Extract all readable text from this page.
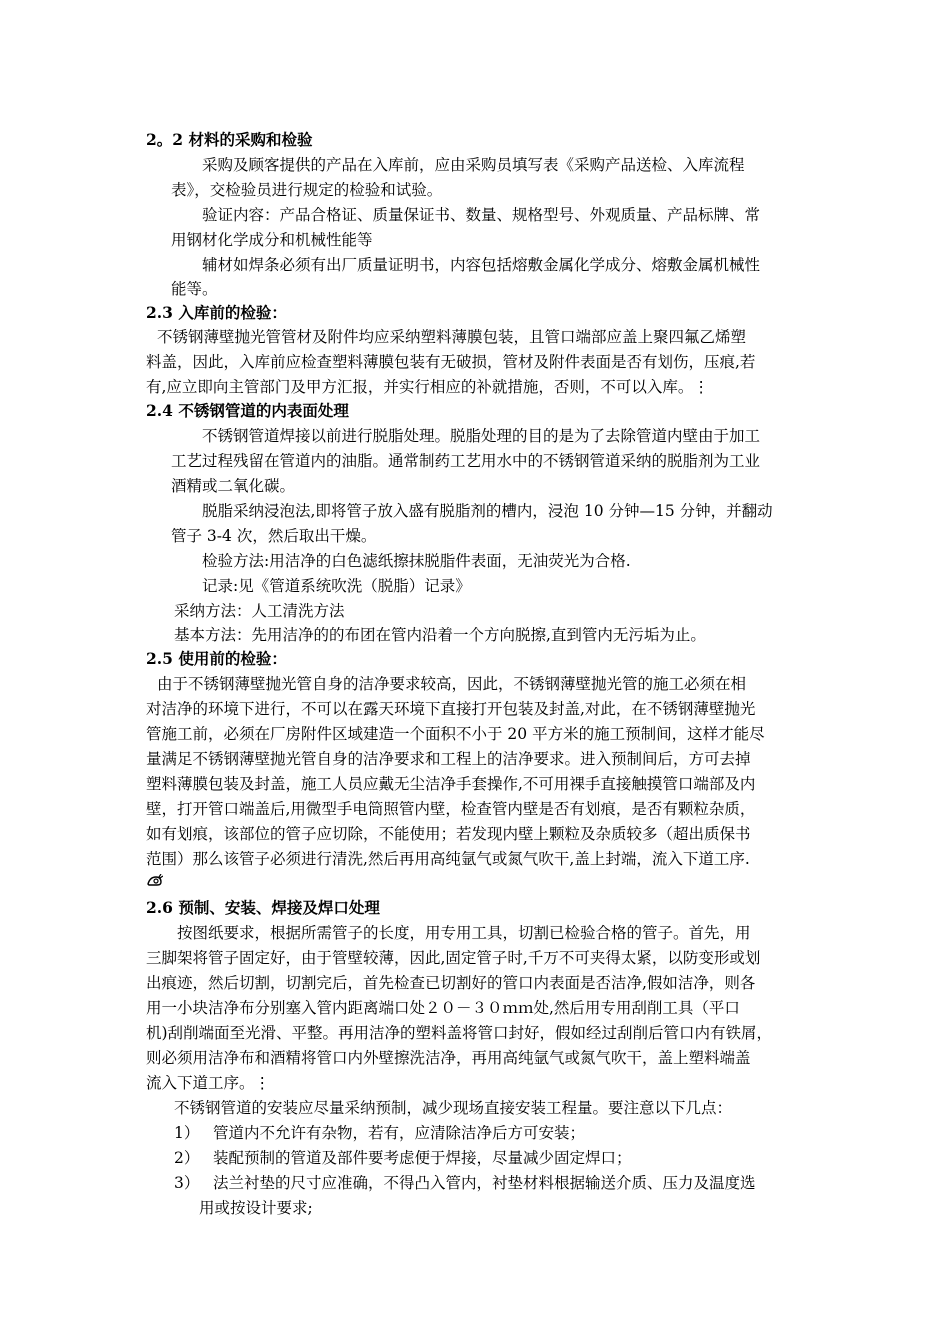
2。2 材料的采购和检验
采购及顾客提供的产品在入库前，应由采购员填写表《采购产品送检、入库流程
表》，交检验员进行规定的检验和试验。
验证内容：产品合格证、质量保证书、数量、规格型号、外观质量、产品标牌、常
用钢材化学成分和机械性能等
辅材如焊条必须有出厂质量证明书，内容包括熔敷金属化学成分、熔敷金属机械性
能等。
2.3 入库前的检验：
不锈钢薄壁抛光管管材及附件均应采纳塑料薄膜包装，且管口端部应盖上聚四氟乙烯塑
料盖，因此，入库前应检查塑料薄膜包装有无破损，管材及附件表面是否有划伤，压痕,若
有,应立即向主管部门及甲方汇报，并实行相应的补就措施，否则，不可以入库。⋮
2.4 不锈钢管道的内表面处理
不锈钢管道焊接以前进行脱脂处理。脱脂处理的目的是为了去除管道内壁由于加工
工艺过程残留在管道内的油脂。通常制药工艺用水中的不锈钢管道采纳的脱脂剂为工业
酒精或二氧化碳。
脱脂采纳浸泡法,即将管子放入盛有脱脂剂的槽内，浸泡 10 分钟—15 分钟，并翻动
管子 3-4 次，然后取出干燥。
检验方法:用洁净的白色滤纸擦抹脱脂件表面，无油荧光为合格.
记录:见《管道系统吹洗（脱脂）记录》
采纳方法：人工清洗方法
基本方法：先用洁净的的布团在管内沿着一个方向脱擦,直到管内无污垢为止。
2.5 使用前的检验：
由于不锈钢薄壁抛光管自身的洁净要求较高，因此，不锈钢薄壁抛光管的施工必须在相
对洁净的环境下进行，不可以在露天环境下直接打开包装及封盖,对此，在不锈钢薄壁抛光
管施工前，必须在厂房附件区域建造一个面积不小于 20 平方米的施工预制间，这样才能尽
量满足不锈钢薄壁抛光管自身的洁净要求和工程上的洁净要求。进入预制间后，方可去掉
塑料薄膜包装及封盖，施工人员应戴无尘洁净手套操作,不可用裸手直接触摸管口端部及内
壁，打开管口端盖后,用微型手电筒照管内壁，检查管内壁是否有划痕，是否有颗粒杂质，
如有划痕，该部位的管子应切除，不能使用；若发现内壁上颗粒及杂质较多（超出质保书
范围）那么该管子必须进行清洗,然后再用高纯氩气或氮气吹干,盖上封端，流入下道工序.
2.6 预制、安装、焊接及焊口处理
按图纸要求，根据所需管子的长度，用专用工具，切割已检验合格的管子。首先，用
三脚架将管子固定好，由于管壁较薄，因此,固定管子时,千万不可夹得太紧，以防变形或划
出痕迹，然后切割，切割完后，首先检查已切割好的管口内表面是否洁净,假如洁净，则各
用一小块洁净布分别塞入管内距离端口处２０－３０ｍｍ处,然后用专用刮削工具（平口
机)刮削端面至光滑、平整。再用洁净的塑料盖将管口封好，假如经过刮削后管口内有铁屑，
则必须用洁净布和酒精将管口内外壁擦洗洁净，再用高纯氩气或氮气吹干，盖上塑料端盖
流入下道工序。⋮
不锈钢管道的安装应尽量采纳预制，减少现场直接安装工程量。要注意以下几点：
1） 管道内不允许有杂物，若有，应清除洁净后方可安装；
2） 装配预制的管道及部件要考虑便于焊接，尽量减少固定焊口；
3） 法兰衬垫的尺寸应准确，不得凸入管内，衬垫材料根据输送介质、压力及温度选
用或按设计要求;
